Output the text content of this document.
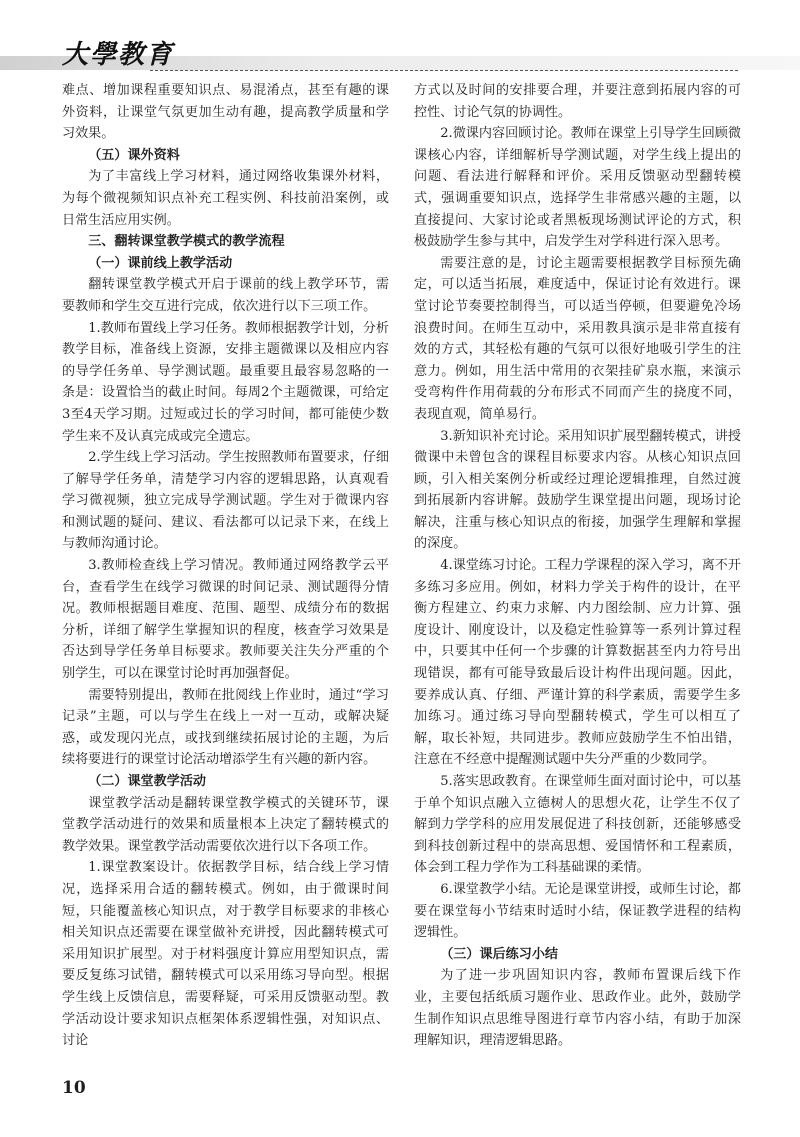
大學教育

难点、增加课程重要知识点、易混淆点，甚至有趣的课外资料，让课堂气氛更加生动有趣，提高教学质量和学习效果。

（五）课外资料

为了丰富线上学习材料，通过网络收集课外材料，为每个微视频知识点补充工程实例、科技前沿案例，或日常生活应用实例。

三、翻转课堂教学模式的教学流程
（一）课前线上教学活动

翻转课堂教学模式开启于课前的线上教学环节，需要教师和学生交互进行完成，依次进行以下三项工作。

1.教师布置线上学习任务。教师根据教学计划，分析教学目标，准备线上资源，安排主题微课以及相应内容的导学任务单、导学测试题。最重要且最容易忽略的一条是：设置恰当的截止时间。每周2个主题微课，可给定3至4天学习期。过短或过长的学习时间，都可能使少数学生来不及认真完成或完全遗忘。

2.学生线上学习活动。学生按照教师布置要求，仔细了解导学任务单，清楚学习内容的逻辑思路，认真观看学习微视频，独立完成导学测试题。学生对于微课内容和测试题的疑问、建议、看法都可以记录下来，在线上与教师沟通讨论。

3.教师检查线上学习情况。教师通过网络教学云平台，查看学生在线学习微课的时间记录、测试题得分情况。教师根据题目难度、范围、题型、成绩分布的数据分析，详细了解学生掌握知识的程度，核查学习效果是否达到导学任务单目标要求。教师要关注失分严重的个别学生，可以在课堂讨论时再加强督促。

需要特别提出，教师在批阅线上作业时，通过“学习记录”主题，可以与学生在线上一对一互动，或解决疑惑，或发现闪光点，或找到继续拓展讨论的主题，为后续将要进行的课堂讨论活动增添学生有兴趣的新内容。

（二）课堂教学活动

课堂教学活动是翻转课堂教学模式的关键环节，课堂教学活动进行的效果和质量根本上决定了翻转模式的教学效果。课堂教学活动需要依次进行以下各项工作。

1.课堂教案设计。依据教学目标，结合线上学习情况，选择采用合适的翻转模式。例如，由于微课时间短，只能覆盖核心知识点，对于教学目标要求的非核心相关知识点还需要在课堂做补充讲授，因此翻转模式可采用知识扩展型。对于材料强度计算应用型知识点，需要反复练习试错，翻转模式可以采用练习导向型。根据学生线上反馈信息，需要释疑，可采用反馈驱动型。教学活动设计要求知识点框架体系逻辑性强，对知识点、讨论

方式以及时间的安排要合理，并要注意到拓展内容的可控性、讨论气氛的协调性。

2.微课内容回顾讨论。教师在课堂上引导学生回顾微课核心内容，详细解析导学测试题，对学生线上提出的问题、看法进行解释和评价。采用反馈驱动型翻转模式，强调重要知识点，选择学生非常感兴趣的主题，以直接提问、大家讨论或者黑板现场测试评论的方式，积极鼓励学生参与其中，启发学生对学科进行深入思考。

需要注意的是，讨论主题需要根据教学目标预先确定，可以适当拓展，难度适中，保证讨论有效进行。课堂讨论节奏要控制得当，可以适当停顿，但要避免冷场浪费时间。在师生互动中，采用教具演示是非常直接有效的方式，其轻松有趣的气氛可以很好地吸引学生的注意力。例如，用生活中常用的衣架挂矿泉水瓶，来演示受弯构件作用荷载的分布形式不同而产生的挠度不同，表现直观，简单易行。

3.新知识补充讨论。采用知识扩展型翻转模式，讲授微课中未曾包含的课程目标要求内容。从核心知识点回顾，引入相关案例分析或经过理论逻辑推理，自然过渡到拓展新内容讲解。鼓励学生课堂提出问题，现场讨论解决，注重与核心知识点的衔接，加强学生理解和掌握的深度。

4.课堂练习讨论。工程力学课程的深入学习，离不开多练习多应用。例如，材料力学关于构件的设计，在平衡方程建立、约束力求解、内力图绘制、应力计算、强度设计、刚度设计，以及稳定性验算等一系列计算过程中，只要其中任何一个步骤的计算数据甚至内力符号出现错误，都有可能导致最后设计构件出现问题。因此，要养成认真、仔细、严谨计算的科学素质，需要学生多加练习。通过练习导向型翻转模式，学生可以相互了解，取长补短，共同进步。教师应鼓励学生不怕出错，注意在不经意中提醒测试题中失分严重的少数同学。

5.落实思政教育。在课堂师生面对面讨论中，可以基于单个知识点融入立德树人的思想火花，让学生不仅了解到力学学科的应用发展促进了科技创新，还能够感受到科技创新过程中的崇高思想、爱国情怀和工程素质，体会到工程力学作为工科基础课的柔情。

6.课堂教学小结。无论是课堂讲授，或师生讨论，都要在课堂每小节结束时适时小结，保证教学进程的结构逻辑性。

（三）课后练习小结

为了进一步巩固知识内容，教师布置课后线下作业，主要包括纸质习题作业、思政作业。此外，鼓励学生制作知识点思维导图进行章节内容小结，有助于加深理解知识，理清逻辑思路。

10
